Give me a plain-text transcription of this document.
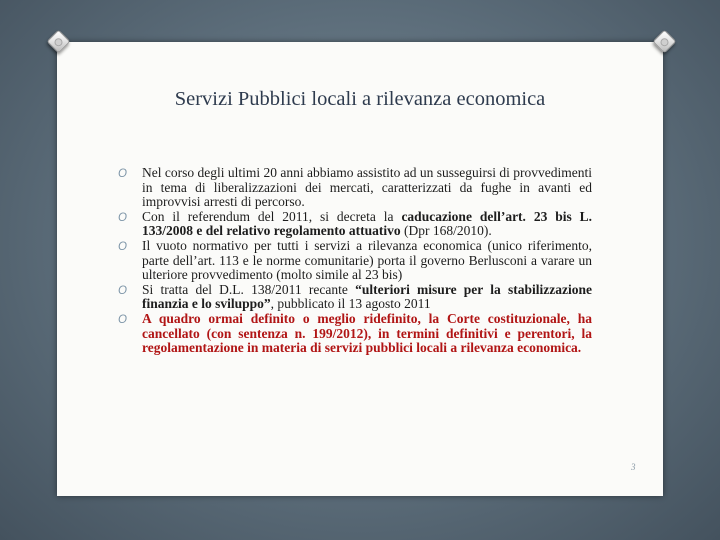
Servizi Pubblici locali a rilevanza economica
O Nel corso degli ultimi 20 anni abbiamo assistito ad un susseguirsi di provvedimenti in tema di liberalizzazioni dei mercati, caratterizzati da fughe in avanti ed improvvisi arresti di percorso.
O Con il referendum del 2011, si decreta la caducazione dell’art. 23 bis L. 133/2008 e del relativo regolamento attuativo (Dpr 168/2010).
O Il vuoto normativo per tutti i servizi a rilevanza economica (unico riferimento, parte dell’art. 113 e le norme comunitarie) porta il governo Berlusconi a varare un ulteriore provvedimento (molto simile al 23 bis)
O Si tratta del D.L. 138/2011 recante “ulteriori misure per la stabilizzazione finanzia e lo sviluppo”, pubblicato il 13 agosto 2011
O A quadro ormai definito o meglio ridefinito, la Corte costituzionale, ha cancellato (con sentenza n. 199/2012), in termini definitivi e perentori, la regolamentazione in materia di servizi pubblici locali a rilevanza economica.
3
